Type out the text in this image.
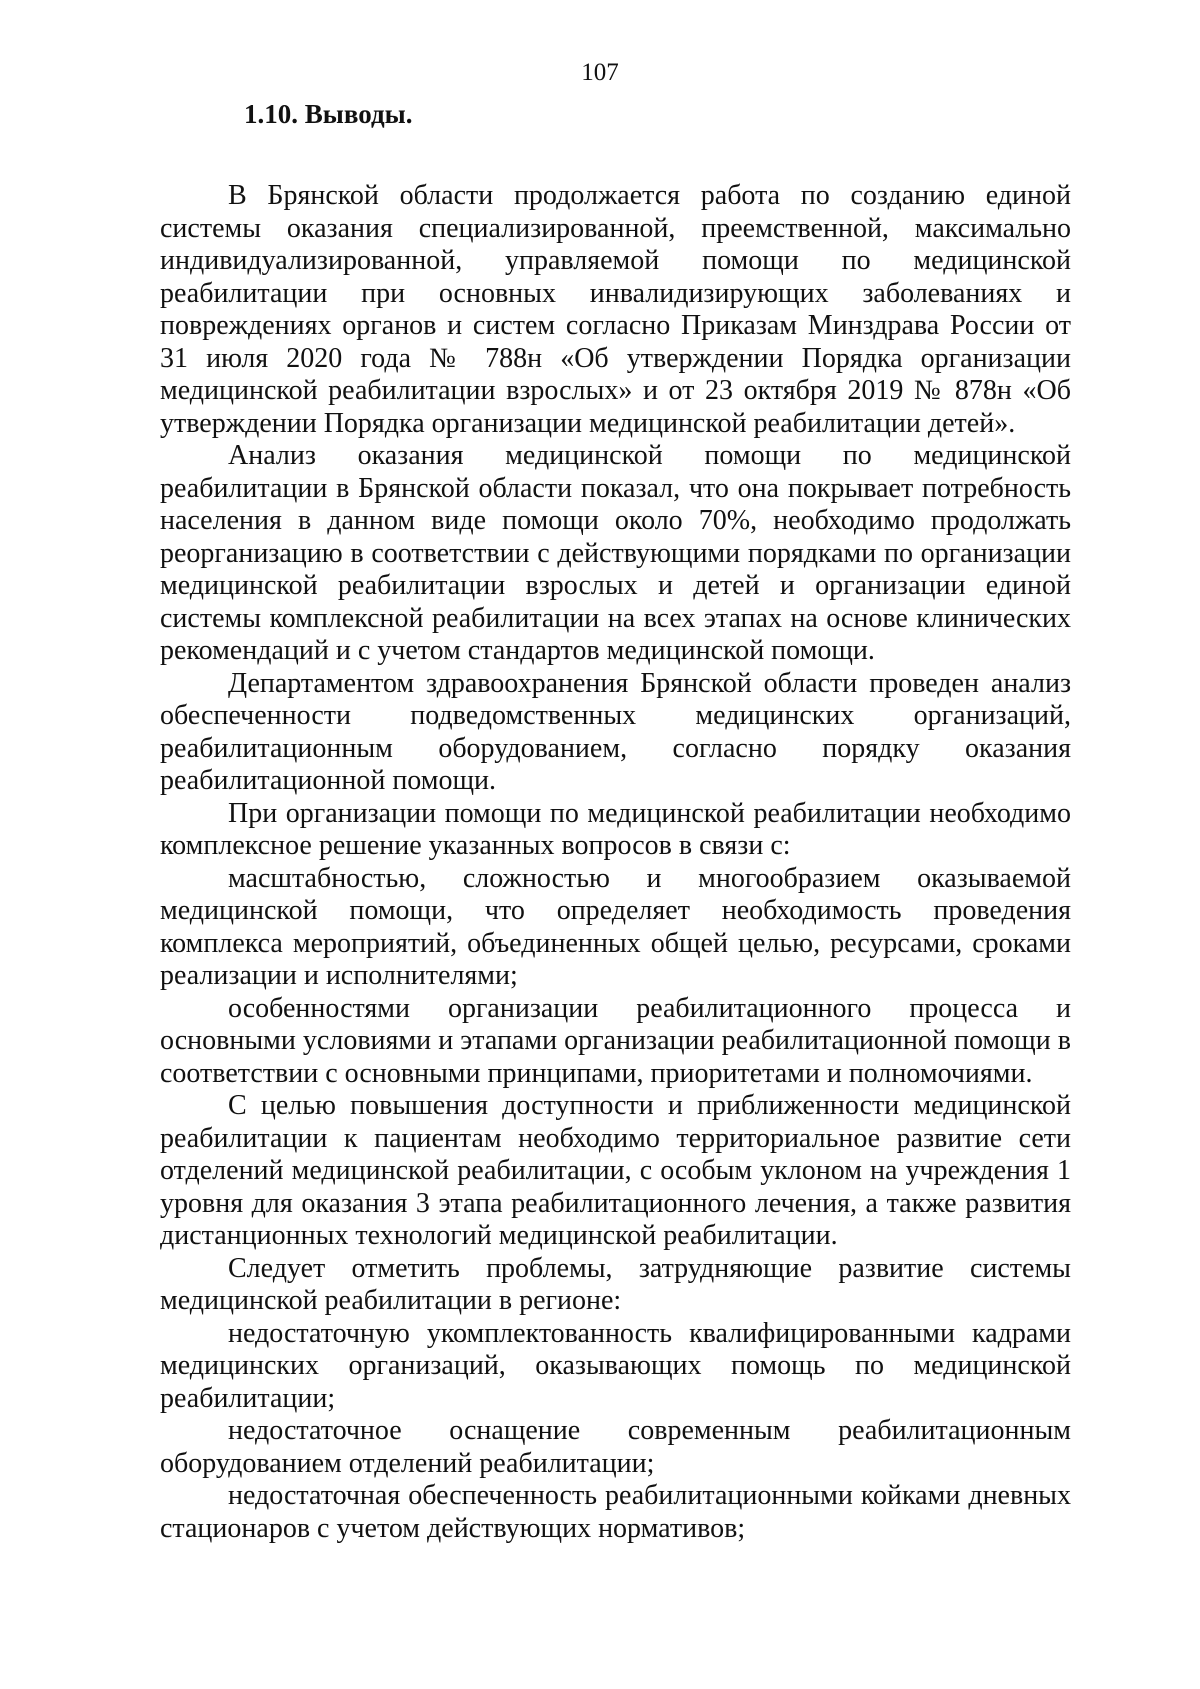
107
1.10. Выводы.

В Брянской области продолжается работа по созданию единой системы оказания специализированной, преемственной, максимально индивидуализированной, управляемой помощи по медицинской реабилитации при основных инвалидизирующих заболеваниях и повреждениях органов и систем согласно Приказам Минздрава России от 31 июля 2020 года № 788н «Об утверждении Порядка организации медицинской реабилитации взрослых» и от 23 октября 2019 № 878н «Об утверждении Порядка организации медицинской реабилитации детей».

Анализ оказания медицинской помощи по медицинской реабилитации в Брянской области показал, что она покрывает потребность населения в данном виде помощи около 70%, необходимо продолжать реорганизацию в соответствии с действующими порядками по организации медицинской реабилитации взрослых и детей и организации единой системы комплексной реабилитации на всех этапах на основе клинических рекомендаций и с учетом стандартов медицинской помощи.

Департаментом здравоохранения Брянской области проведен анализ обеспеченности подведомственных медицинских организаций, реабилитационным оборудованием, согласно порядку оказания реабилитационной помощи.

При организации помощи по медицинской реабилитации необходимо комплексное решение указанных вопросов в связи с:

масштабностью, сложностью и многообразием оказываемой медицинской помощи, что определяет необходимость проведения комплекса мероприятий, объединенных общей целью, ресурсами, сроками реализации и исполнителями;

особенностями организации реабилитационного процесса и основными условиями и этапами организации реабилитационной помощи в соответствии с основными принципами, приоритетами и полномочиями.

С целью повышения доступности и приближенности медицинской реабилитации к пациентам необходимо территориальное развитие сети отделений медицинской реабилитации, с особым уклоном на учреждения 1 уровня для оказания 3 этапа реабилитационного лечения, а также развития дистанционных технологий медицинской реабилитации.

Следует отметить проблемы, затрудняющие развитие системы медицинской реабилитации в регионе:

недостаточную укомплектованность квалифицированными кадрами медицинских организаций, оказывающих помощь по медицинской реабилитации;

недостаточное оснащение современным реабилитационным оборудованием отделений реабилитации;

недостаточная обеспеченность реабилитационными койками дневных стационаров с учетом действующих нормативов;
